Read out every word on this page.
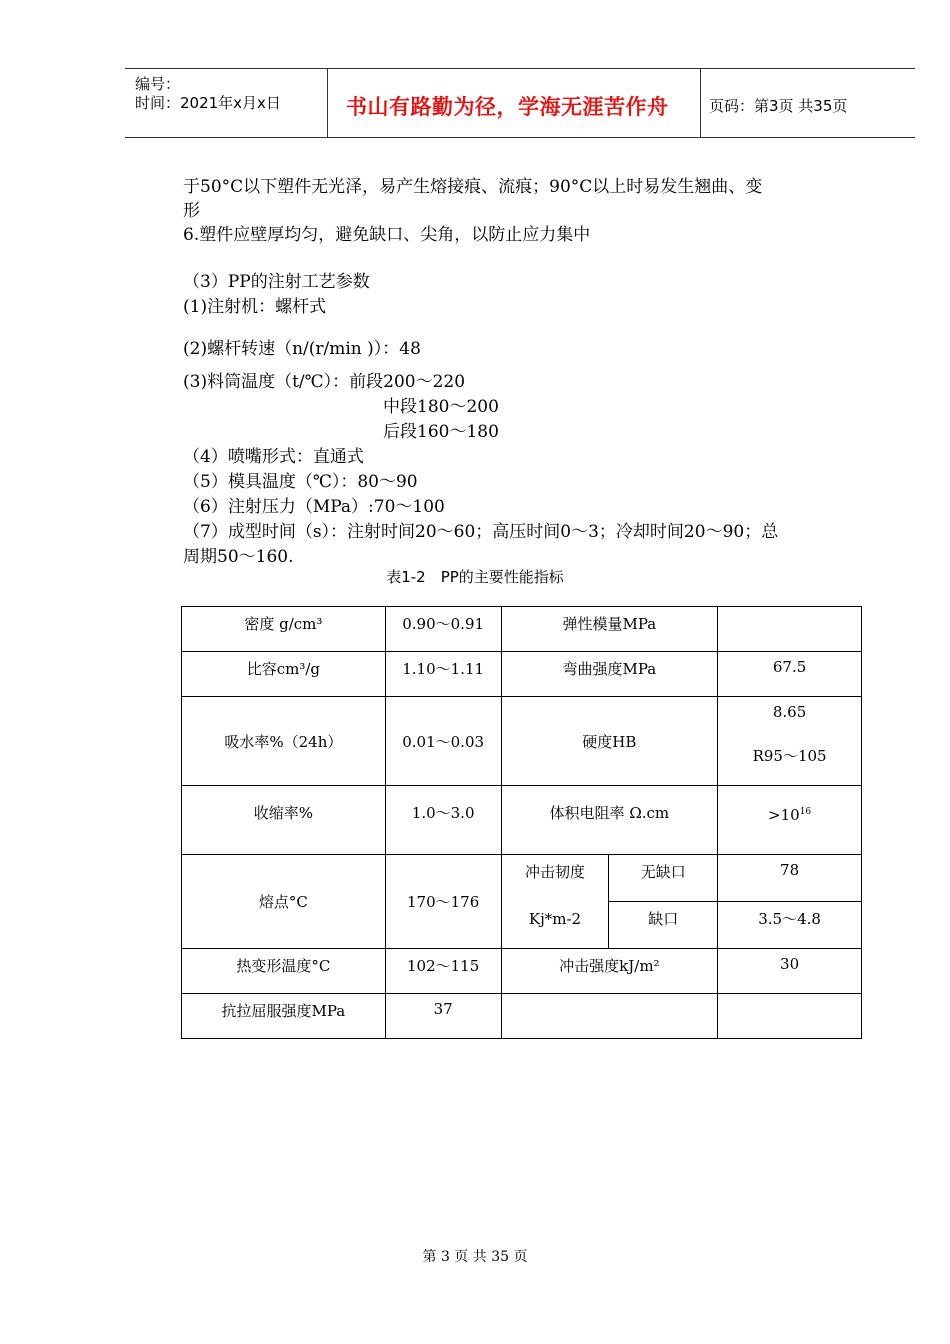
编号：
时间：2021年x月x日	书山有路勤为径，学海无涯苦作舟	页码：第3页 共35页
于50°C以下塑件无光泽，易产生熔接痕、流痕；90°C以上时易发生翘曲、变
形
6.塑件应壁厚均匀，避免缺口、尖角，以防止应力集中
（3）PP的注射工艺参数
(1)注射机：螺杆式
(2)螺杆转速（n/(r/min )）：48
(3)料筒温度（t/℃）：前段200～220
中段180～200
后段160～180
（4）喷嘴形式：直通式
（5）模具温度（℃）：80～90
（6）注射压力（MPa）:70～100
（7）成型时间（s）：注射时间20～60；高压时间0～3；冷却时间20～90；总
周期50～160.
表1-2　PP的主要性能指标
密度 g/cm³	0.90～0.91	弹性模量MPa		

比容cm³/g	1.10～1.11	弯曲强度MPa		67.5

吸水率%（24h）	0.01～0.03	硬度HB		8.65
R95～105

收缩率%	1.0～3.0	体积电阻率 Ω.cm		$>10^{16}$

熔点°C	170～176	冲击韧度
Kj*m-2	无缺口	78

			缺口	3.5～4.8

热变形温度°C	102～115	冲击强度kJ/m²		30

抗拉屈服强度MPa	37			

第 3 页 共 35 页
